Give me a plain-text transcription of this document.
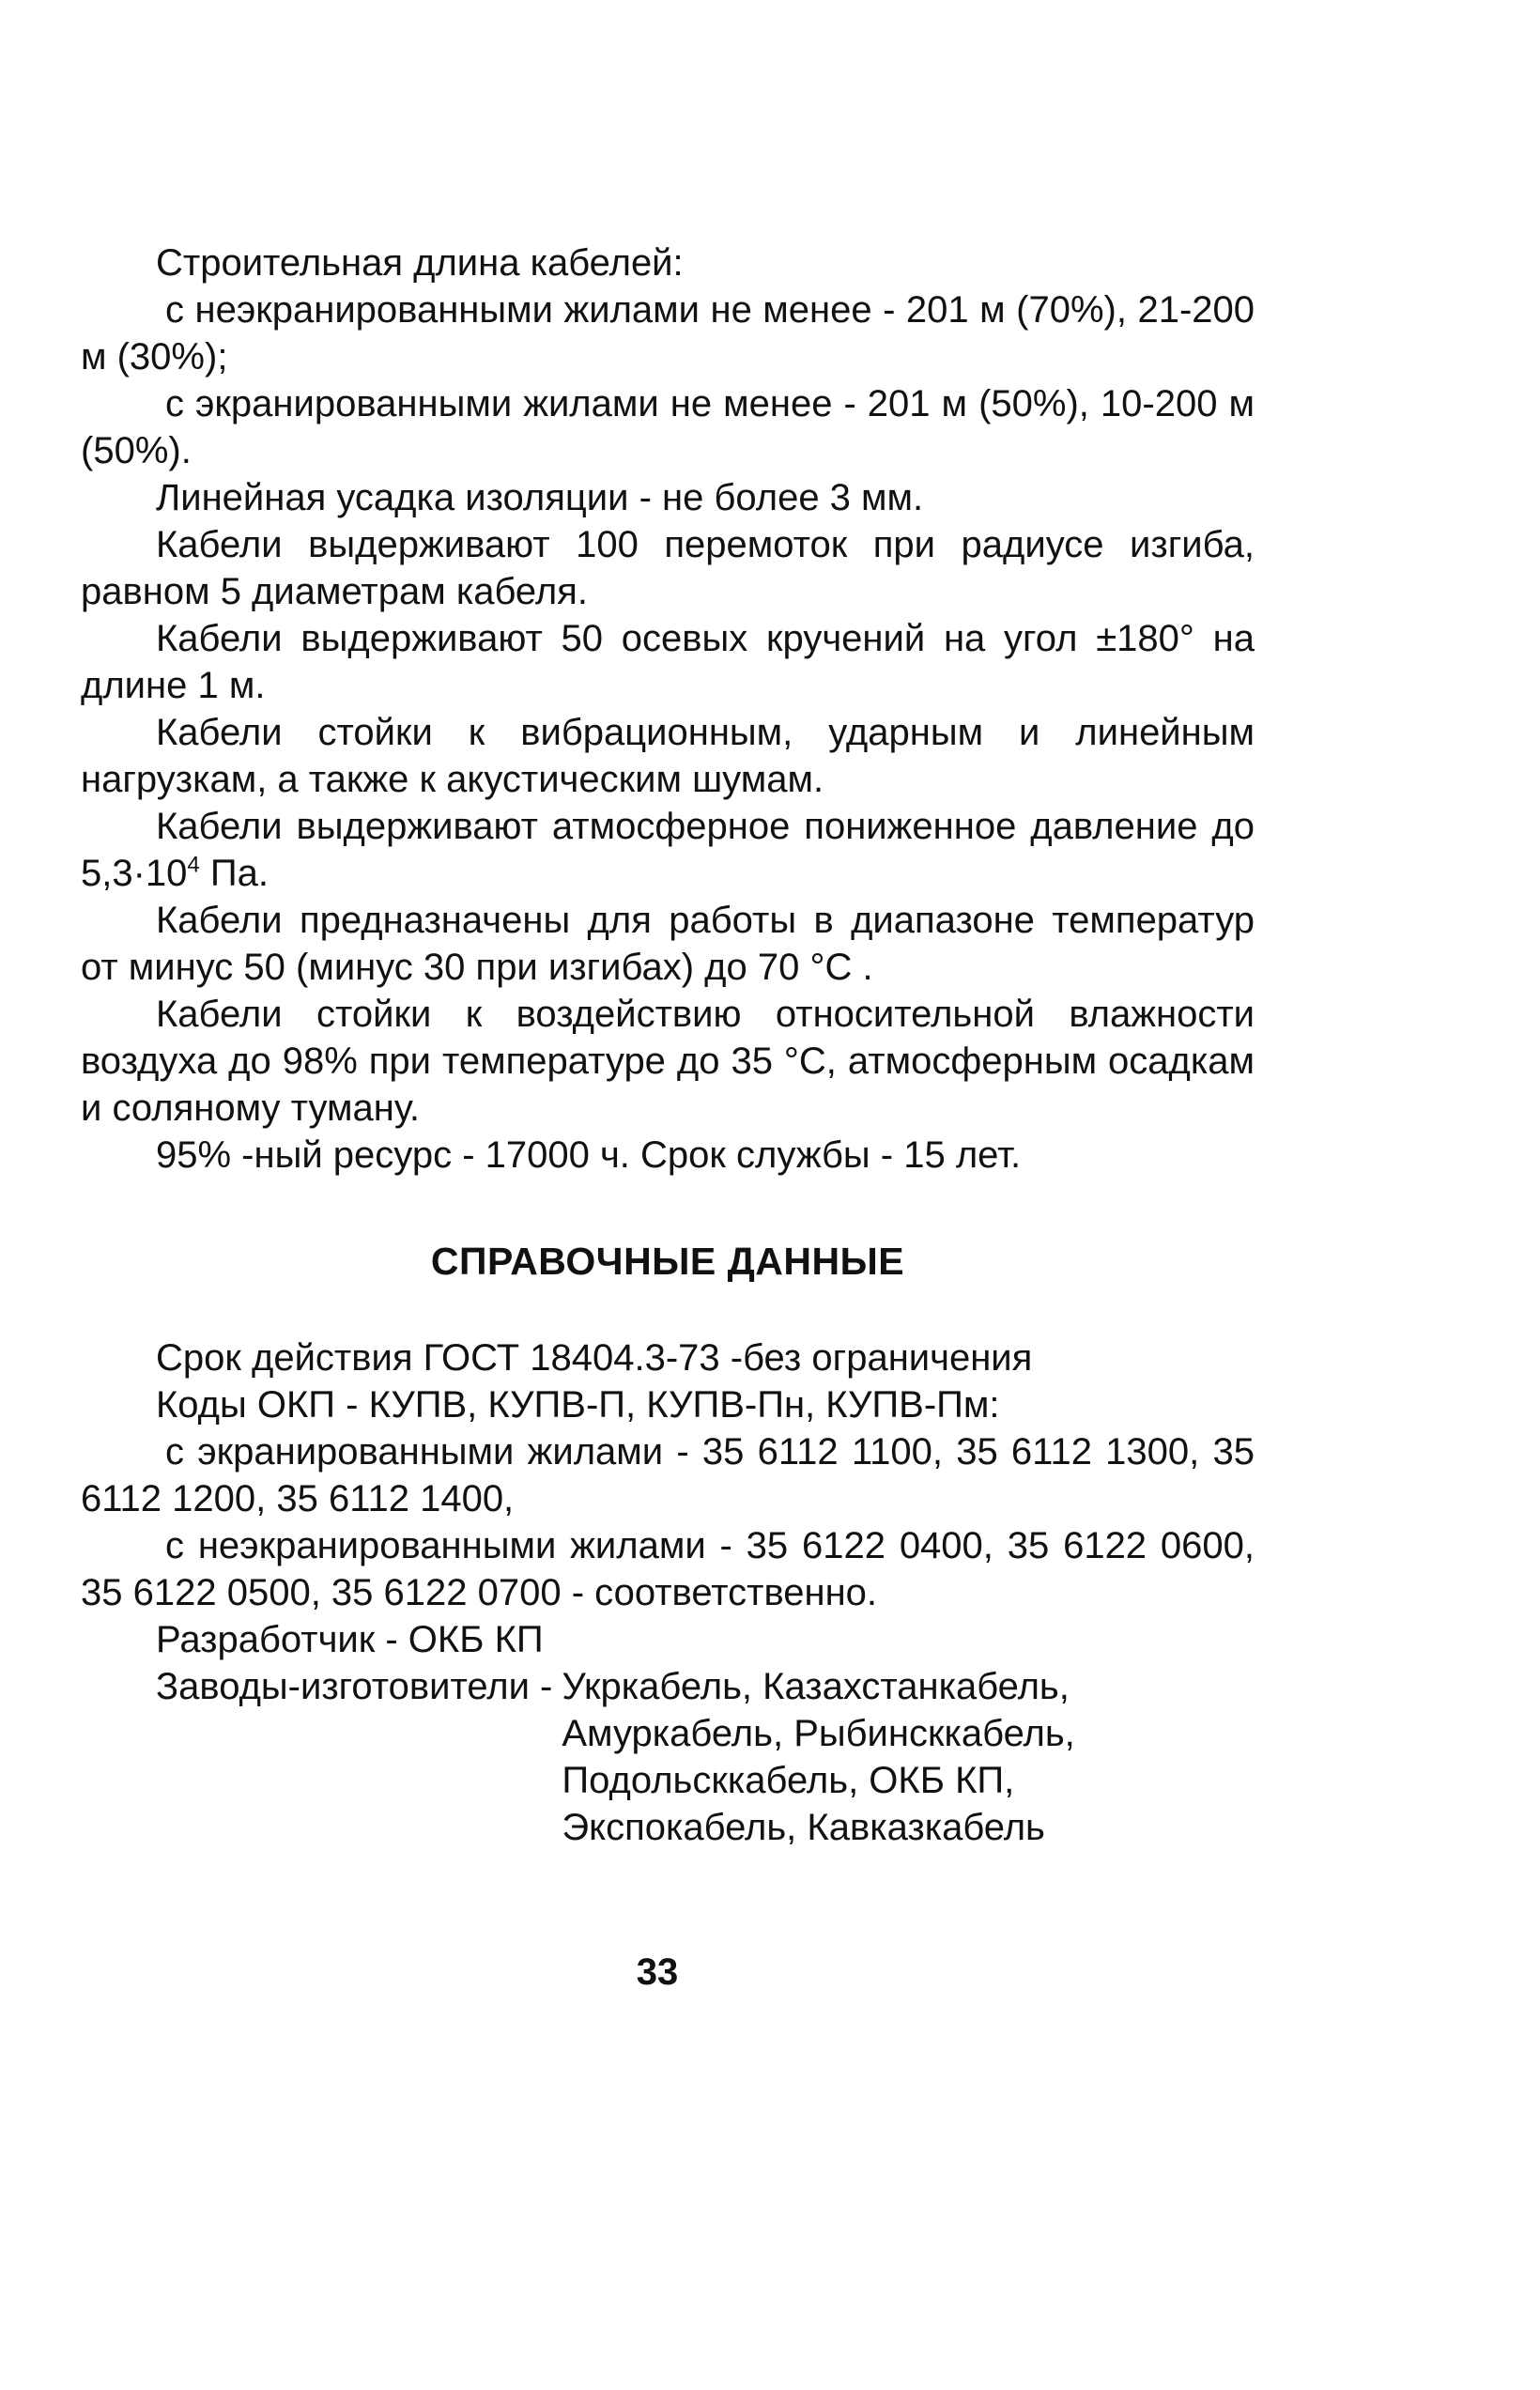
Строительная длина кабелей:

с неэкранированными жилами не менее - 201 м (70%), 21-200 м (30%);

с экранированными жилами не менее - 201 м (50%), 10-200 м (50%).

Линейная усадка изоляции - не более 3 мм.

Кабели выдерживают 100 перемоток при радиусе изгиба, равном 5 диаметрам кабеля.

Кабели выдерживают 50 осевых кручений на угол ±180° на длине 1 м.

Кабели стойки к вибрационным, ударным и линейным нагрузкам, а также к акустическим шумам.

Кабели выдерживают атмосферное пониженное давление до $5,3\cdot 10^4$ Па.

Кабели предназначены для работы в диапазоне температур от минус 50 (минус 30 при изгибах) до 70 °С .

Кабели стойки к воздействию относительной влажности воздуха до 98% при температуре до 35 °С, атмосферным осадкам и соляному туману.

95% -ный ресурс - 17000 ч. Срок службы - 15 лет.

СПРАВОЧНЫЕ ДАННЫЕ

Срок действия ГОСТ 18404.3-73 -без ограничения

Коды ОКП - КУПВ, КУПВ-П, КУПВ-Пн, КУПВ-Пм:

с экранированными жилами - 35 6112 1100, 35 6112 1300, 35 6112 1200, 35 6112 1400,

с неэкранированными жилами - 35 6122 0400, 35 6122 0600, 35 6122 0500, 35 6122 0700 - соответственно.

Разработчик - ОКБ КП

Заводы-изготовители - Укркабель, Казахстанкабель,
Амуркабель, Рыбинсккабель,
Подольсккабель, ОКБ КП,
Экспокабель, Кавказкабель
33
